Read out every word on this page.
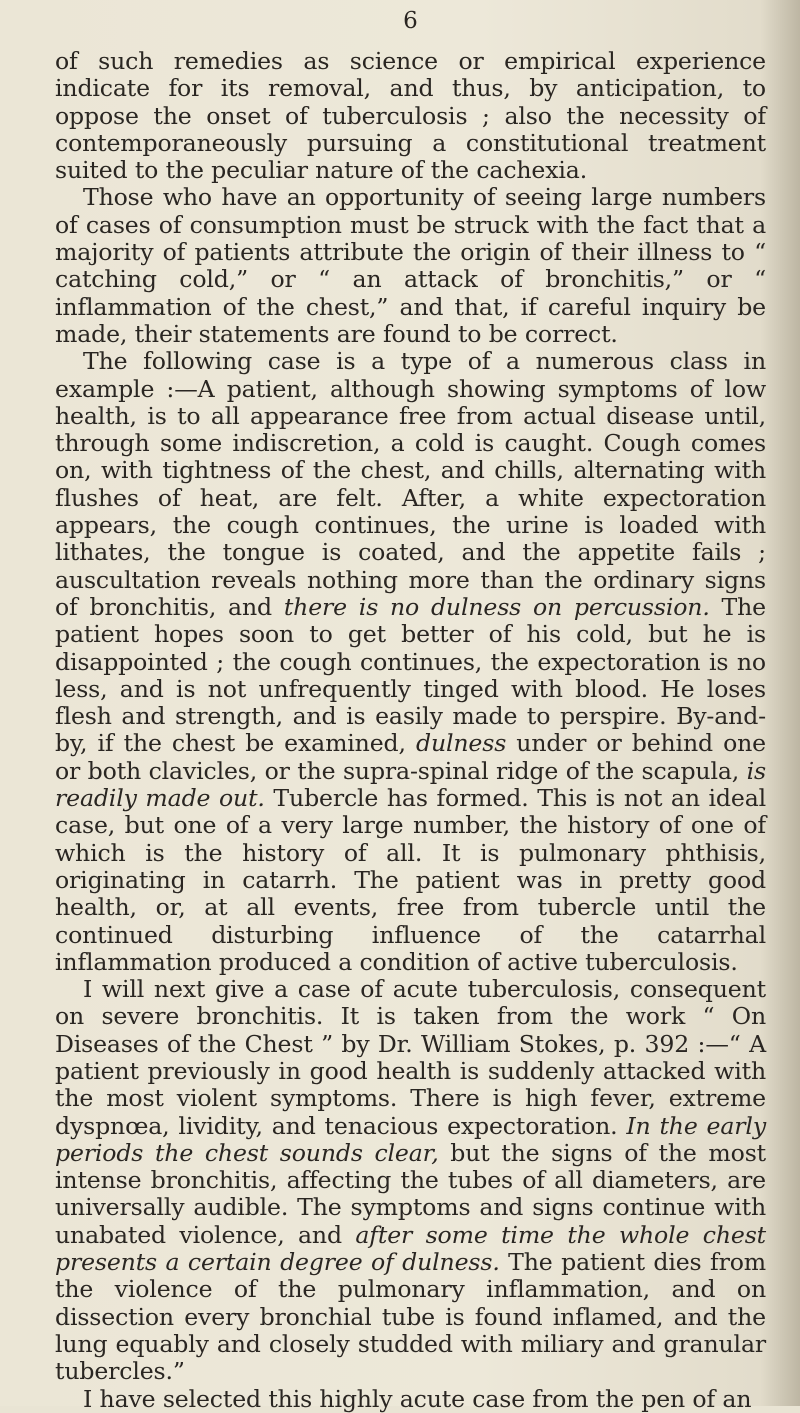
6

of such remedies as science or empirical experience indicate for its removal, and thus, by anticipation, to oppose the onset of tuberculosis ; also the necessity of contemporaneously pursuing a constitutional treatment suited to the peculiar nature of the cachexia.

Those who have an opportunity of seeing large numbers of cases of consumption must be struck with the fact that a majority of patients attribute the origin of their illness to “ catching cold,” or “ an attack of bronchitis,” or “ inflammation of the chest,” and that, if careful inquiry be made, their statements are found to be correct.

The following case is a type of a numerous class in example :—A patient, although showing symptoms of low health, is to all appearance free from actual disease until, through some indiscretion, a cold is caught. Cough comes on, with tightness of the chest, and chills, alternating with flushes of heat, are felt. After, a white expectoration appears, the cough continues, the urine is loaded with lithates, the tongue is coated, and the appetite fails ; auscultation reveals nothing more than the ordinary signs of bronchitis, and there is no dulness on percussion. The patient hopes soon to get better of his cold, but he is disappointed ; the cough continues, the expectoration is no less, and is not unfrequently tinged with blood. He loses flesh and strength, and is easily made to perspire. By-and-by, if the chest be examined, dulness under or behind one or both clavicles, or the supra-spinal ridge of the scapula, is readily made out. Tubercle has formed. This is not an ideal case, but one of a very large number, the history of one of which is the history of all. It is pulmonary phthisis, originating in catarrh. The patient was in pretty good health, or, at all events, free from tubercle until the continued disturbing influence of the catarrhal inflammation produced a condition of active tuberculosis.

I will next give a case of acute tuberculosis, consequent on severe bronchitis. It is taken from the work “ On Diseases of the Chest ” by Dr. William Stokes, p. 392 :—“ A patient previously in good health is suddenly attacked with the most violent symptoms. There is high fever, extreme dyspnœa, lividity, and tenacious expectoration. In the early periods the chest sounds clear, but the signs of the most intense bronchitis, affecting the tubes of all diameters, are universally audible. The symptoms and signs continue with unabated violence, and after some time the whole chest presents a certain degree of dulness. The patient dies from the violence of the pulmonary inflammation, and on dissection every bronchial tube is found inflamed, and the lung equably and closely studded with miliary and granular tubercles.”

I have selected this highly acute case from the pen of an
